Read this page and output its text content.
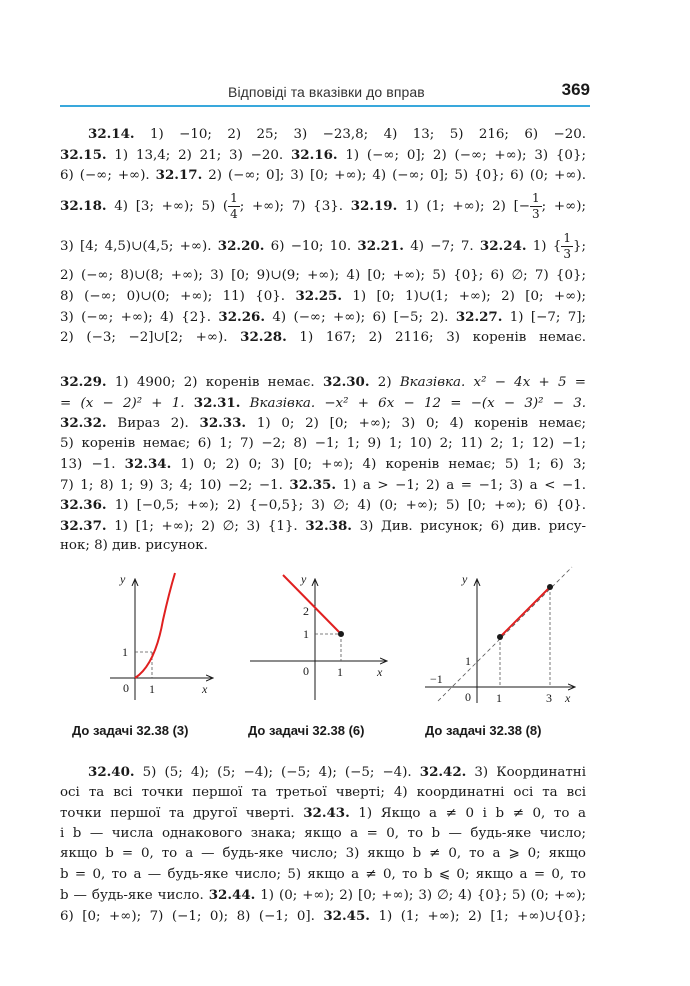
Відповіді та вказівки до вправ	369
32.14. 1) −10; 2) 25; 3) −23,8; 4) 13; 5) 216; 6) −20.
32.15. 1) 13,4; 2) 21; 3) −20. 32.16. 1) (−∞; 0]; 2) (−∞; +∞); 3) {0};
6) (−∞; +∞). 32.17. 2) (−∞; 0]; 3) [0; +∞); 4) (−∞; 0]; 5) {0}; 6) (0; +∞).
32.18. 4) [3; +∞); 5) ( $\frac{1}{4}$ ; +∞); 7) {3}. 32.19. 1) (1; +∞); 2) [− $\frac{1}{3}$ ; +∞);
3) [4; 4,5)∪(4,5; +∞). 32.20. 6) −10; 10. 32.21. 4) −7; 7. 32.24. 1) { $\frac{1}{3}$ };
2) (−∞; 8)∪(8; +∞); 3) [0; 9)∪(9; +∞); 4) [0; +∞); 5) {0}; 6) ∅; 7) {0};
8) (−∞; 0)∪(0; +∞); 11) {0}. 32.25. 1) [0; 1)∪(1; +∞); 2) [0; +∞);
3) (−∞; +∞); 4) {2}. 32.26. 4) (−∞; +∞); 6) [−5; 2). 32.27. 1) [−7; 7];
2) (−3; −2]∪[2; +∞). 32.28. 1) 167; 2) 2116; 3) коренів немає.
32.29. 1) 4900; 2) коренів немає. 32.30. 2) Вказівка. x² − 4x + 5 =
= (x − 2)² + 1. 32.31. Вказівка. −x² + 6x − 12 = −(x − 3)² − 3.
32.32. Вираз 2). 32.33. 1) 0; 2) [0; +∞); 3) 0; 4) коренів немає;
5) коренів немає; 6) 1; 7) −2; 8) −1; 1; 9) 1; 10) 2; 11) 2; 1; 12) −1;
13) −1. 32.34. 1) 0; 2) 0; 3) [0; +∞); 4) коренів немає; 5) 1; 6) 3;
7) 1; 8) 1; 9) 3; 4; 10) −2; −1. 32.35. 1) a > −1; 2) a = −1; 3) a < −1.
32.36. 1) [−0,5; +∞); 2) {−0,5}; 3) ∅; 4) (0; +∞); 5) [0; +∞); 6) {0}.
32.37. 1) [1; +∞); 2) ∅; 3) {1}. 32.38. 3) Див. рисунок; 6) див. рису-
нок; 8) див. рисунок.
y
x
0 1
1
y
x
0 1
1
2
y
x
0 1	3
1
−1
До задачі 32.38 (3)	До задачі 32.38 (6)	До задачі 32.38 (8)
32.40. 5) (5; 4); (5; −4); (−5; 4); (−5; −4). 32.42. 3) Координатні
осі та всі точки першої та третьої чверті; 4) координатні осі та всі
точки першої та другої чверті. 32.43. 1) Якщо a ≠ 0 і b ≠ 0, то a
і b — числа однакового знака; якщо a = 0, то b — будь-яке число;
якщо b = 0, то a — будь-яке число; 3) якщо b ≠ 0, то a ⩾ 0; якщо
b = 0, то a — будь-яке число; 5) якщо a ≠ 0, то b ⩽ 0; якщо a = 0, то
b — будь-яке число. 32.44. 1) (0; +∞); 2) [0; +∞); 3) ∅; 4) {0}; 5) (0; +∞);
6) [0; +∞); 7) (−1; 0); 8) (−1; 0]. 32.45. 1) (1; +∞); 2) [1; +∞)∪{0};
